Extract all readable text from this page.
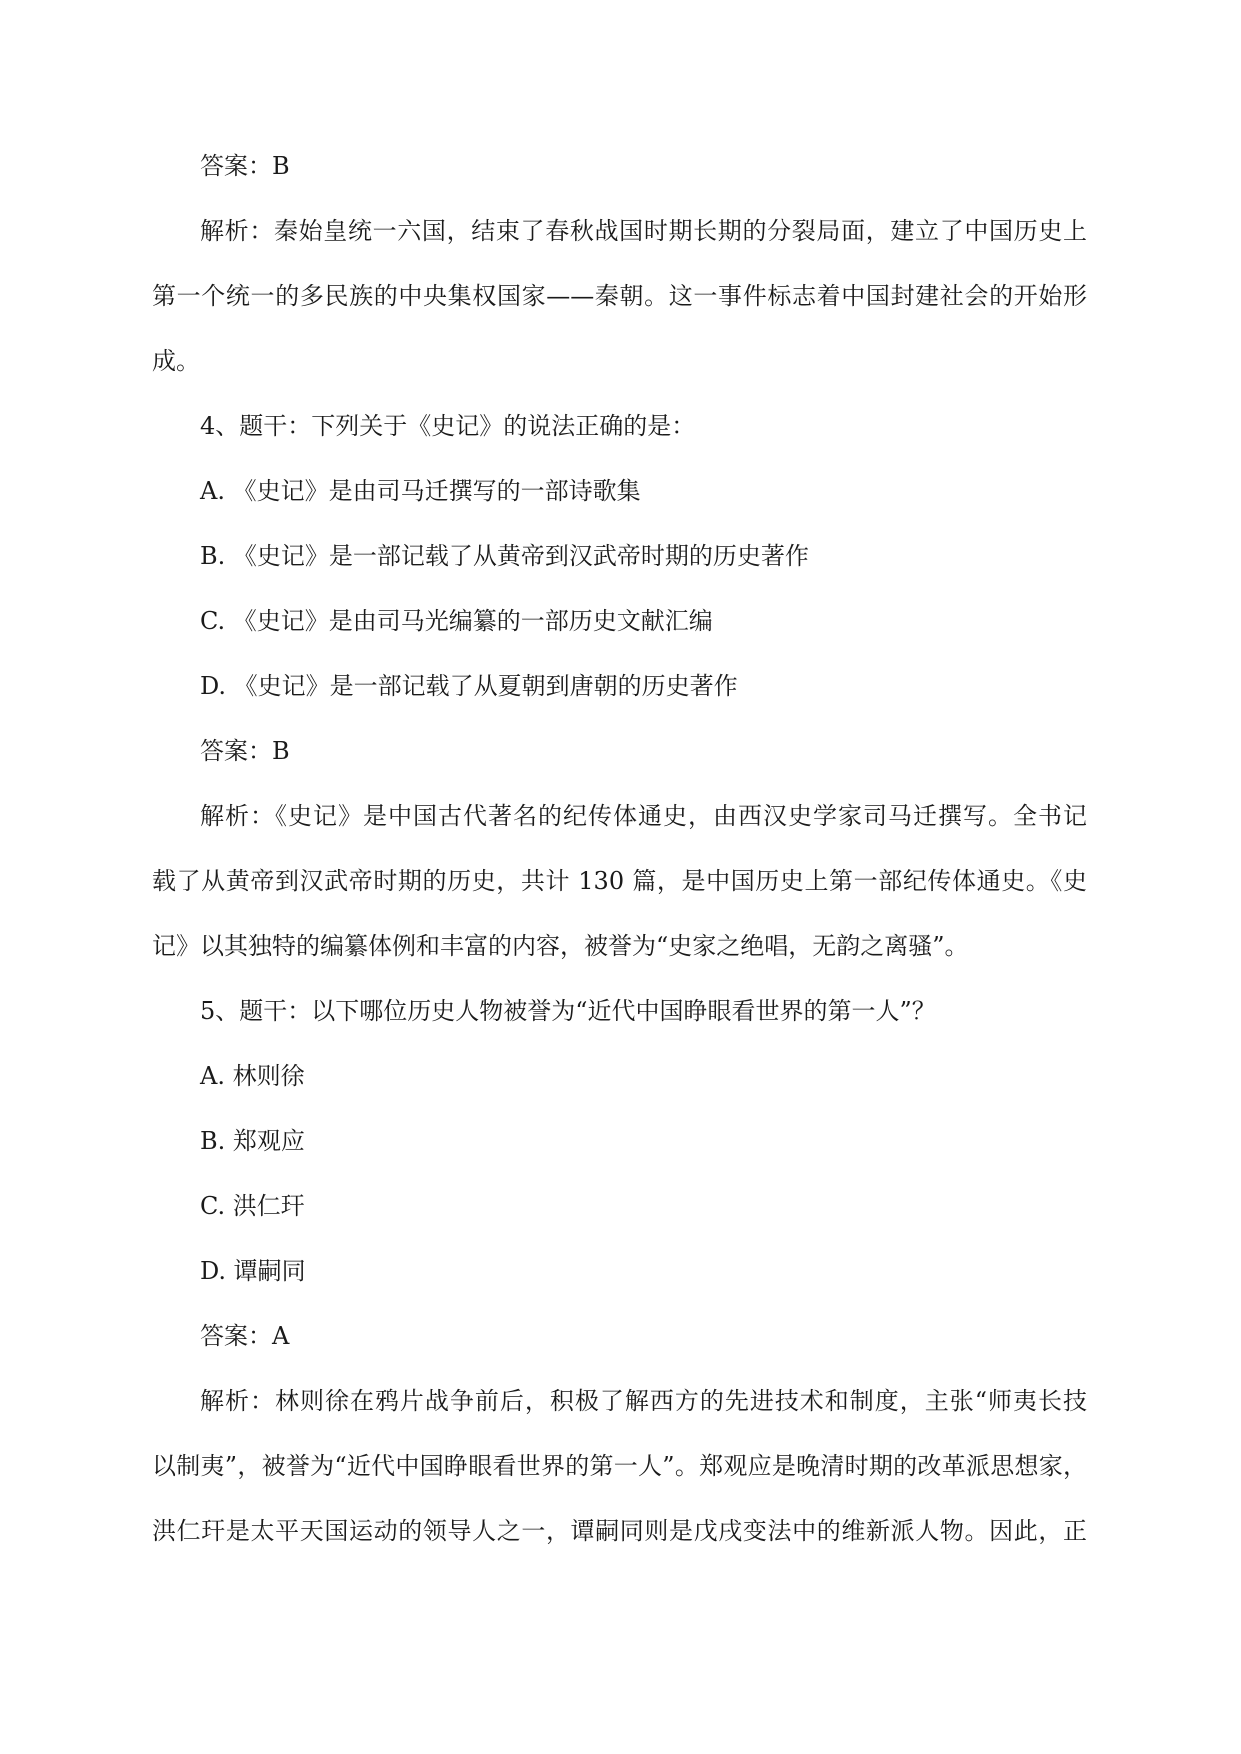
答案：B
解析：秦始皇统一六国，结束了春秋战国时期长期的分裂局面，建立了中国历史上
第一个统一的多民族的中央集权国家——秦朝。这一事件标志着中国封建社会的开始形
成。
4、题干：下列关于《史记》的说法正确的是：
A. 《史记》是由司马迁撰写的一部诗歌集
B. 《史记》是一部记载了从黄帝到汉武帝时期的历史著作
C. 《史记》是由司马光编纂的一部历史文献汇编
D. 《史记》是一部记载了从夏朝到唐朝的历史著作
答案：B
解析：《史记》是中国古代著名的纪传体通史，由西汉史学家司马迁撰写。全书记
载了从黄帝到汉武帝时期的历史，共计 130 篇，是中国历史上第一部纪传体通史。《史
记》以其独特的编纂体例和丰富的内容，被誉为“史家之绝唱，无韵之离骚”。
5、题干：以下哪位历史人物被誉为“近代中国睁眼看世界的第一人”？
A. 林则徐
B. 郑观应
C. 洪仁玕
D. 谭嗣同
答案：A
解析：林则徐在鸦片战争前后，积极了解西方的先进技术和制度，主张“师夷长技
以制夷”，被誉为“近代中国睁眼看世界的第一人”。郑观应是晚清时期的改革派思想家，
洪仁玕是太平天国运动的领导人之一，谭嗣同则是戊戌变法中的维新派人物。因此，正
